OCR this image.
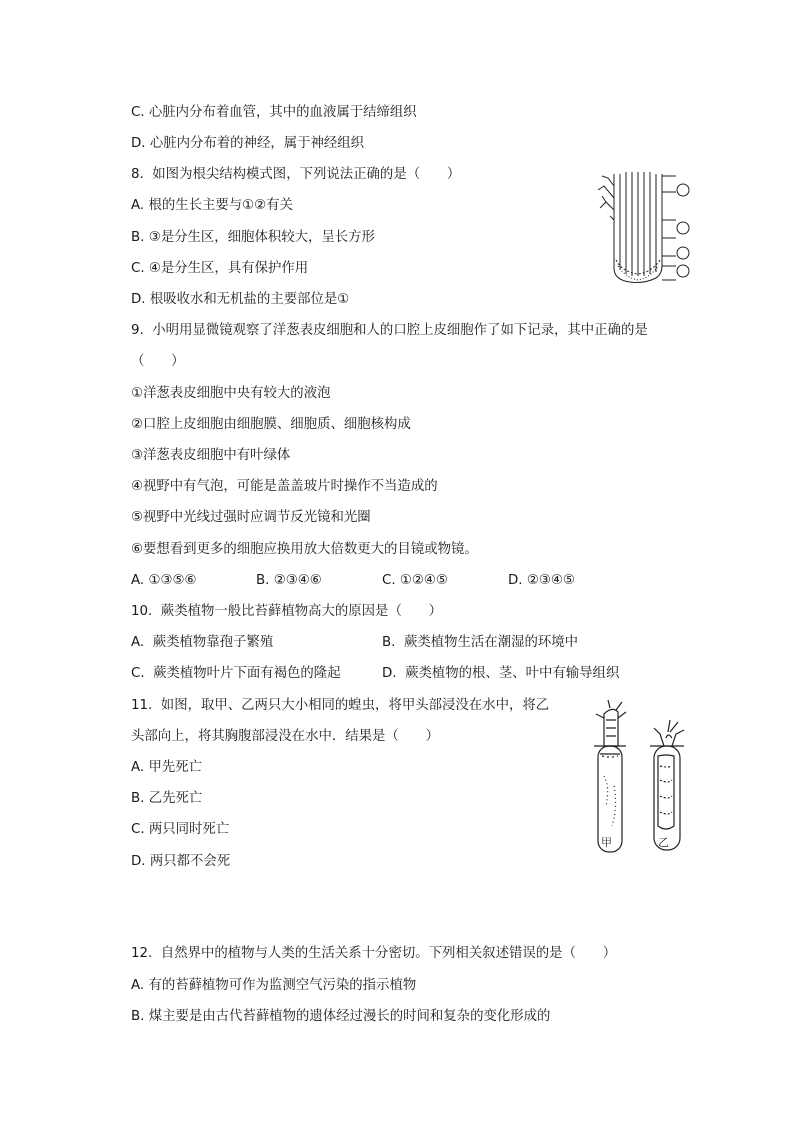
C. 心脏内分布着血管，其中的血液属于结缔组织
D. 心脏内分布着的神经，属于神经组织
8.  如图为根尖结构模式图，下列说法正确的是（　　）
A. 根的生长主要与①②有关
B. ③是分生区，细胞体积较大，呈长方形
C. ④是分生区，具有保护作用
D. 根吸收水和无机盐的主要部位是①
①
②
③
④
9.  小明用显微镜观察了洋葱表皮细胞和人的口腔上皮细胞作了如下记录，其中正确的是
（　　）
①洋葱表皮细胞中央有较大的液泡
②口腔上皮细胞由细胞膜、细胞质、细胞核构成
③洋葱表皮细胞中有叶绿体
④视野中有气泡，可能是盖盖玻片时操作不当造成的
⑤视野中光线过强时应调节反光镜和光圈
⑥要想看到更多的细胞应换用放大倍数更大的目镜或物镜。

A. ①③⑤⑥

	B. ②③④⑥

	C. ①②④⑤

	D. ②③④⑤

10.  蕨类植物一般比苔藓植物高大的原因是（　　）

A.  蕨类植物靠孢子繁殖

	B.  蕨类植物生活在潮湿的环境中

C.  蕨类植物叶片下面有褐色的隆起

	D.  蕨类植物的根、茎、叶中有输导组织

11.  如图，取甲、乙两只大小相同的蝗虫，将甲头部浸没在水中，将乙
头部向上，将其胸腹部浸没在水中．结果是（　　）
A. 甲先死亡
B. 乙先死亡
C. 两只同时死亡
D. 两只都不会死
甲	乙
12.  自然界中的植物与人类的生活关系十分密切。下列相关叙述错误的是（　　）
A. 有的苔藓植物可作为监测空气污染的指示植物
B. 煤主要是由古代苔藓植物的遗体经过漫长的时间和复杂的变化形成的
